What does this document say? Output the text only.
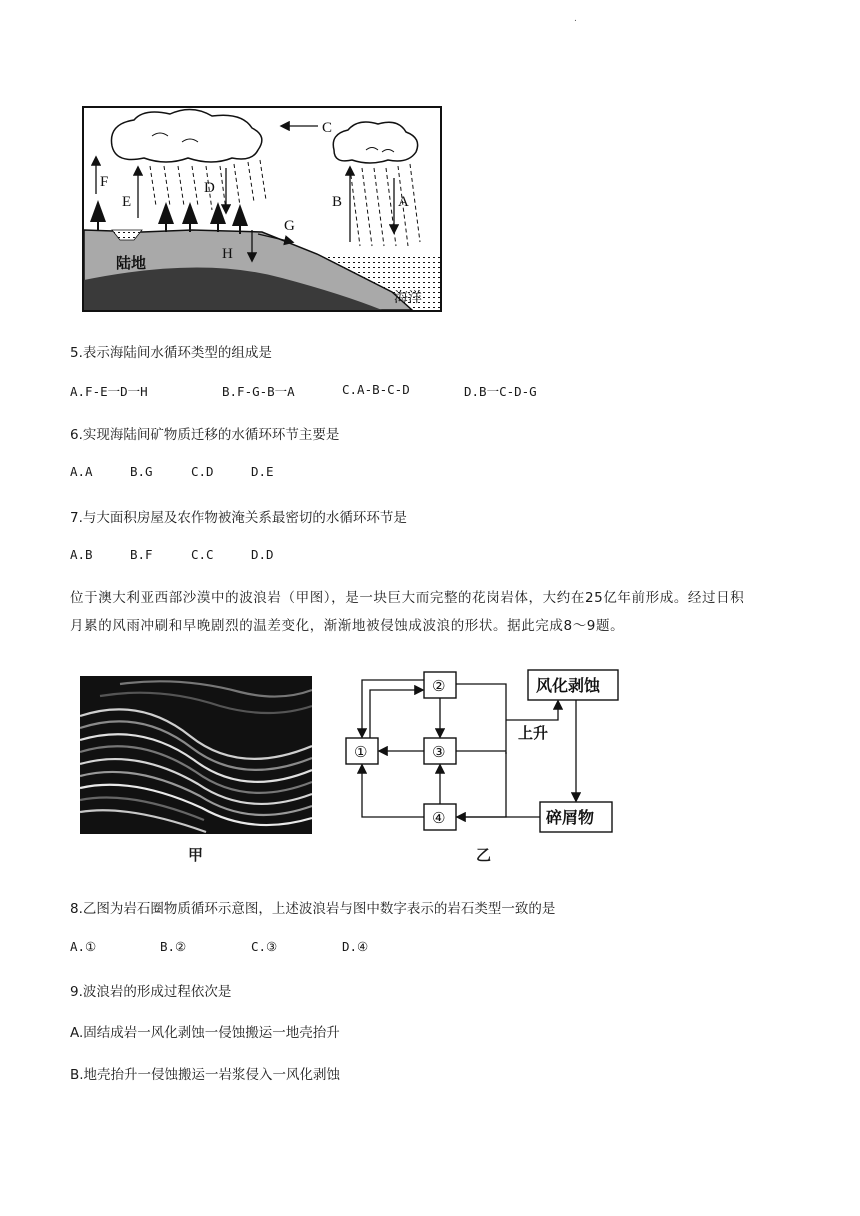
.
C
F
E
D
G
H
B	A
陆地
海洋
5.表示海陆间水循环类型的组成是
A.F-E一D一H	B.F-G-B一A	C.A-B-C-D	D.B一C-D-G
6.实现海陆间矿物质迁移的水循环环节主要是
A.A	B.G	C.D	D.E
7.与大面积房屋及农作物被淹关系最密切的水循环环节是
A.B	B.F	C.C	D.D
位于澳大利亚西部沙漠中的波浪岩（甲图），是一块巨大而完整的花岗岩体，大约在25亿年前形成。经过日积
月累的风雨冲刷和早晚剧烈的温差变化，渐渐地被侵蚀成波浪的形状。据此完成8～9题。
甲
①
②
③
④
风化剥蚀
上升
碎屑物
乙
8.乙图为岩石圈物质循环示意图，上述波浪岩与图中数字表示的岩石类型一致的是
A.①	B.②	C.③	D.④
9.波浪岩的形成过程依次是
A.固结成岩一风化剥蚀一侵蚀搬运一地壳抬升
B.地壳抬升一侵蚀搬运一岩浆侵入一风化剥蚀
